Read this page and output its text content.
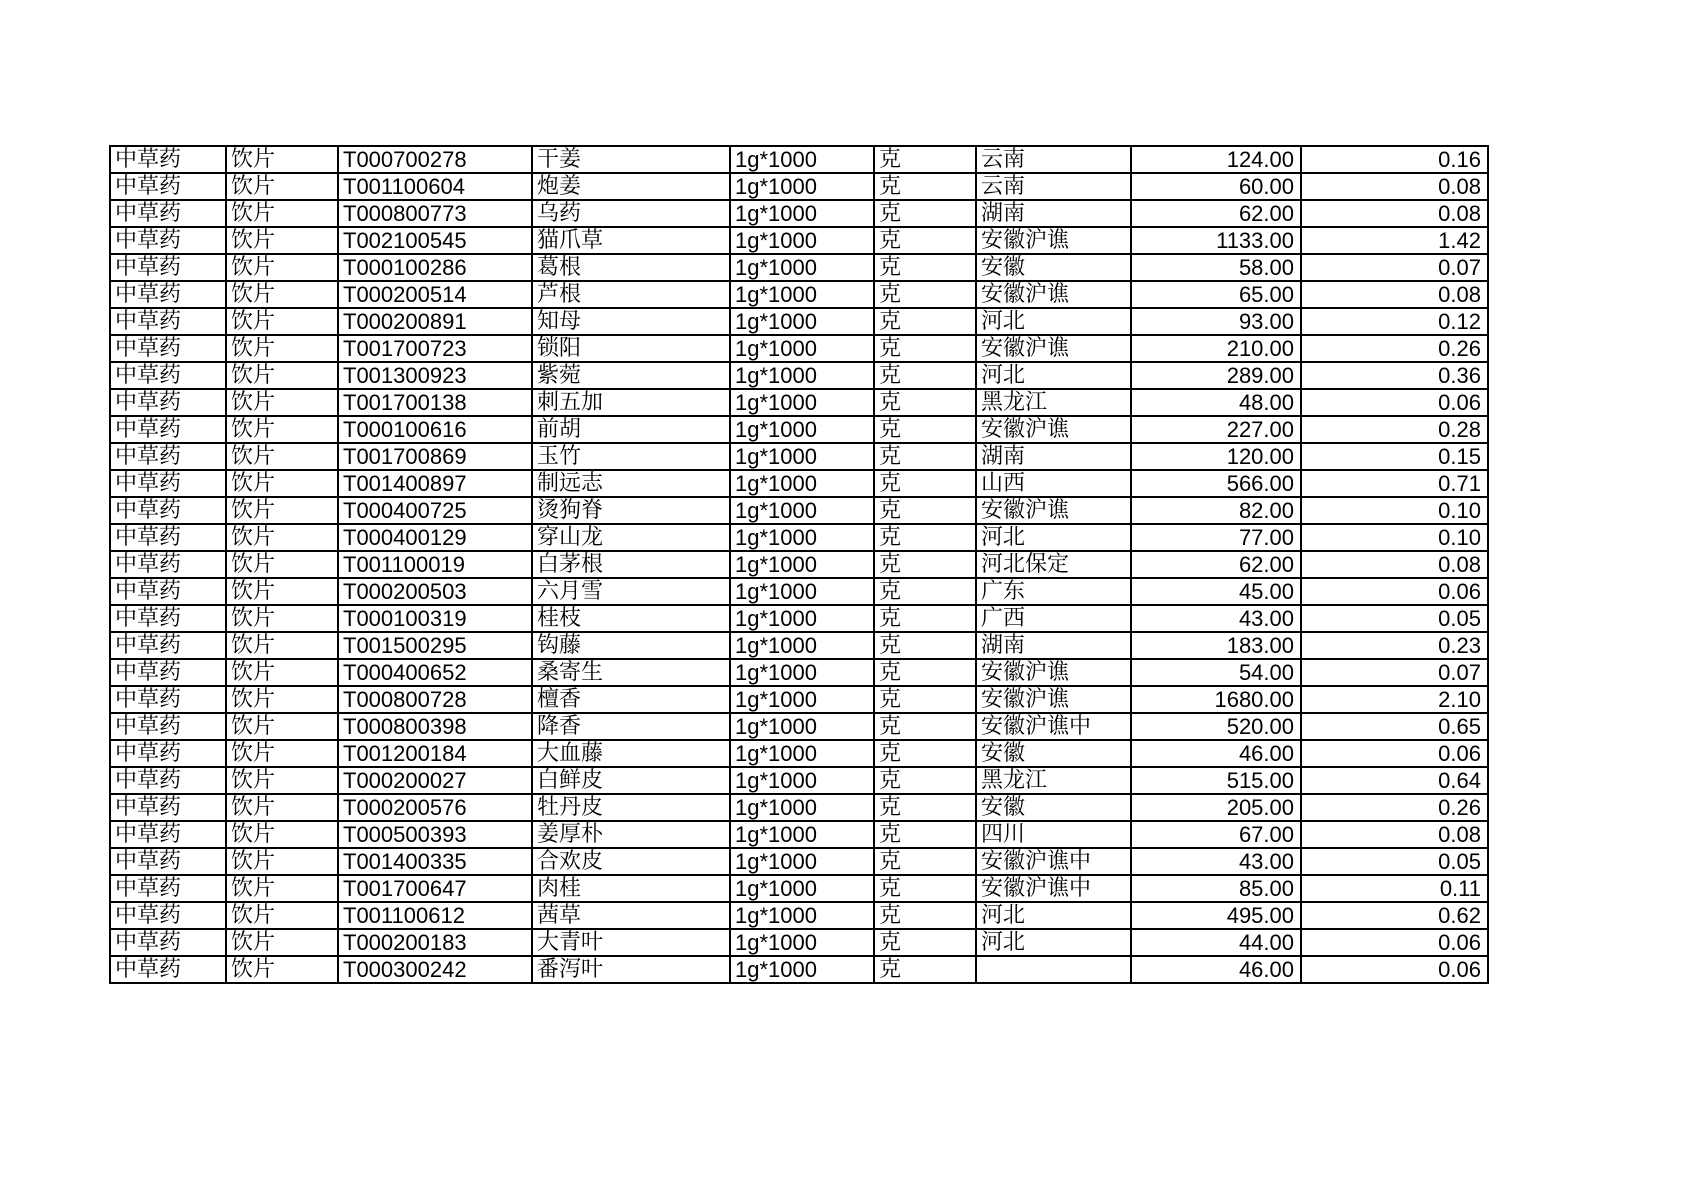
中草药	饮片	T000700278	干姜	1g*1000	克	云南	124.00	0.16
中草药	饮片	T001100604	炮姜	1g*1000	克	云南	60.00	0.08
中草药	饮片	T000800773	乌药	1g*1000	克	湖南	62.00	0.08
中草药	饮片	T002100545	猫爪草	1g*1000	克	安徽沪谯	1133.00	1.42
中草药	饮片	T000100286	葛根	1g*1000	克	安徽	58.00	0.07
中草药	饮片	T000200514	芦根	1g*1000	克	安徽沪谯	65.00	0.08
中草药	饮片	T000200891	知母	1g*1000	克	河北	93.00	0.12
中草药	饮片	T001700723	锁阳	1g*1000	克	安徽沪谯	210.00	0.26
中草药	饮片	T001300923	紫菀	1g*1000	克	河北	289.00	0.36
中草药	饮片	T001700138	刺五加	1g*1000	克	黑龙江	48.00	0.06
中草药	饮片	T000100616	前胡	1g*1000	克	安徽沪谯	227.00	0.28
中草药	饮片	T001700869	玉竹	1g*1000	克	湖南	120.00	0.15
中草药	饮片	T001400897	制远志	1g*1000	克	山西	566.00	0.71
中草药	饮片	T000400725	烫狗脊	1g*1000	克	安徽沪谯	82.00	0.10
中草药	饮片	T000400129	穿山龙	1g*1000	克	河北	77.00	0.10
中草药	饮片	T001100019	白茅根	1g*1000	克	河北保定	62.00	0.08
中草药	饮片	T000200503	六月雪	1g*1000	克	广东	45.00	0.06
中草药	饮片	T000100319	桂枝	1g*1000	克	广西	43.00	0.05
中草药	饮片	T001500295	钩藤	1g*1000	克	湖南	183.00	0.23
中草药	饮片	T000400652	桑寄生	1g*1000	克	安徽沪谯	54.00	0.07
中草药	饮片	T000800728	檀香	1g*1000	克	安徽沪谯	1680.00	2.10
中草药	饮片	T000800398	降香	1g*1000	克	安徽沪谯中	520.00	0.65
中草药	饮片	T001200184	大血藤	1g*1000	克	安徽	46.00	0.06
中草药	饮片	T000200027	白鲜皮	1g*1000	克	黑龙江	515.00	0.64
中草药	饮片	T000200576	牡丹皮	1g*1000	克	安徽	205.00	0.26
中草药	饮片	T000500393	姜厚朴	1g*1000	克	四川	67.00	0.08
中草药	饮片	T001400335	合欢皮	1g*1000	克	安徽沪谯中	43.00	0.05
中草药	饮片	T001700647	肉桂	1g*1000	克	安徽沪谯中	85.00	0.11
中草药	饮片	T001100612	茜草	1g*1000	克	河北	495.00	0.62
中草药	饮片	T000200183	大青叶	1g*1000	克	河北	44.00	0.06
中草药	饮片	T000300242	番泻叶	1g*1000	克		46.00	0.06
